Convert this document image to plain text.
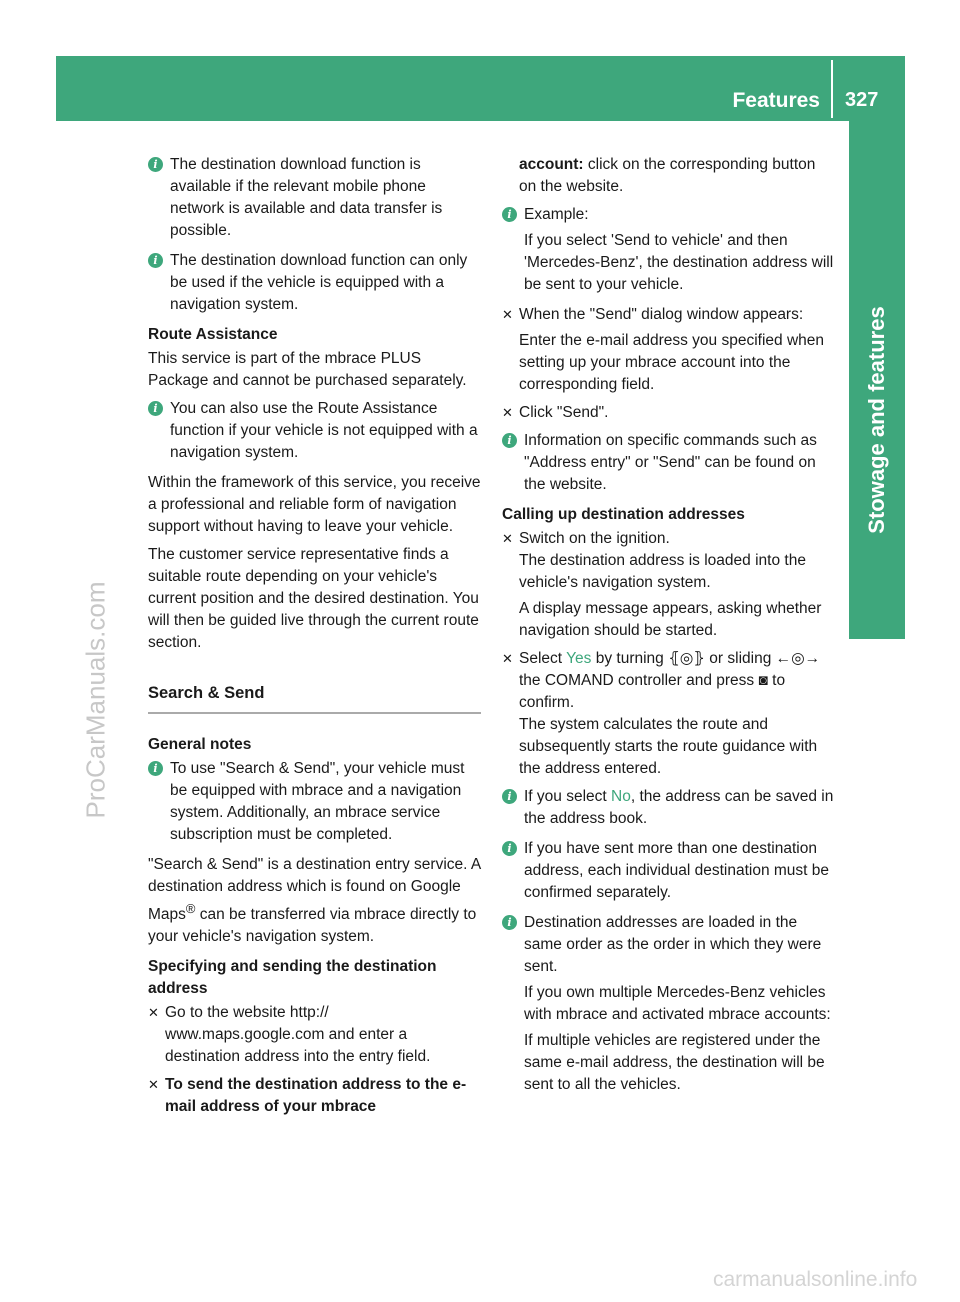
Features 327
Stowage and features
ProCarManuals.com
carmanualsonline.info
i The destination download function is available if the relevant mobile phone network is available and data transfer is possible.
i The destination download function can only be used if the vehicle is equipped with a navigation system.
Route Assistance

This service is part of the mbrace PLUS Package and cannot be purchased separately.

i You can also use the Route Assistance function if your vehicle is not equipped with a navigation system.

Within the framework of this service, you receive a professional and reliable form of navigation support without having to leave your vehicle.

The customer service representative finds a suitable route depending on your vehicle's current position and the desired destination. You will then be guided live through the current route section.

Search & Send
General notes
i To use "Search & Send", your vehicle must be equipped with mbrace and a navigation system. Additionally, an mbrace service subscription must be completed.

"Search & Send" is a destination entry service. A destination address which is found on Google Maps® can be transferred via mbrace directly to your vehicle's navigation system.

Specifying and sending the destination address
✕ Go to the website http:// www.maps.google.com and enter a destination address into the entry field.
✕ To send the destination address to the e-mail address of your mbrace

account: click on the corresponding button on the website.

i Example:
If you select 'Send to vehicle' and then 'Mercedes-Benz', the destination address will be sent to your vehicle.
✕ When the "Send" dialog window appears:
Enter the e-mail address you specified when setting up your mbrace account into the corresponding field.
✕ Click "Send".
i Information on specific commands such as "Address entry" or "Send" can be found on the website.
Calling up destination addresses
✕ Switch on the ignition.
The destination address is loaded into the vehicle's navigation system.
A display message appears, asking whether navigation should be started.
✕ Select Yes by turning ⦃◎⦄ or sliding ←◎→ the COMAND controller and press ◙ to confirm.
The system calculates the route and subsequently starts the route guidance with the address entered.
i If you select No, the address can be saved in the address book.
i If you have sent more than one destination address, each individual destination must be confirmed separately.
i Destination addresses are loaded in the same order as the order in which they were sent.
If you own multiple Mercedes-Benz vehicles with mbrace and activated mbrace accounts:
If multiple vehicles are registered under the same e-mail address, the destination will be sent to all the vehicles.
